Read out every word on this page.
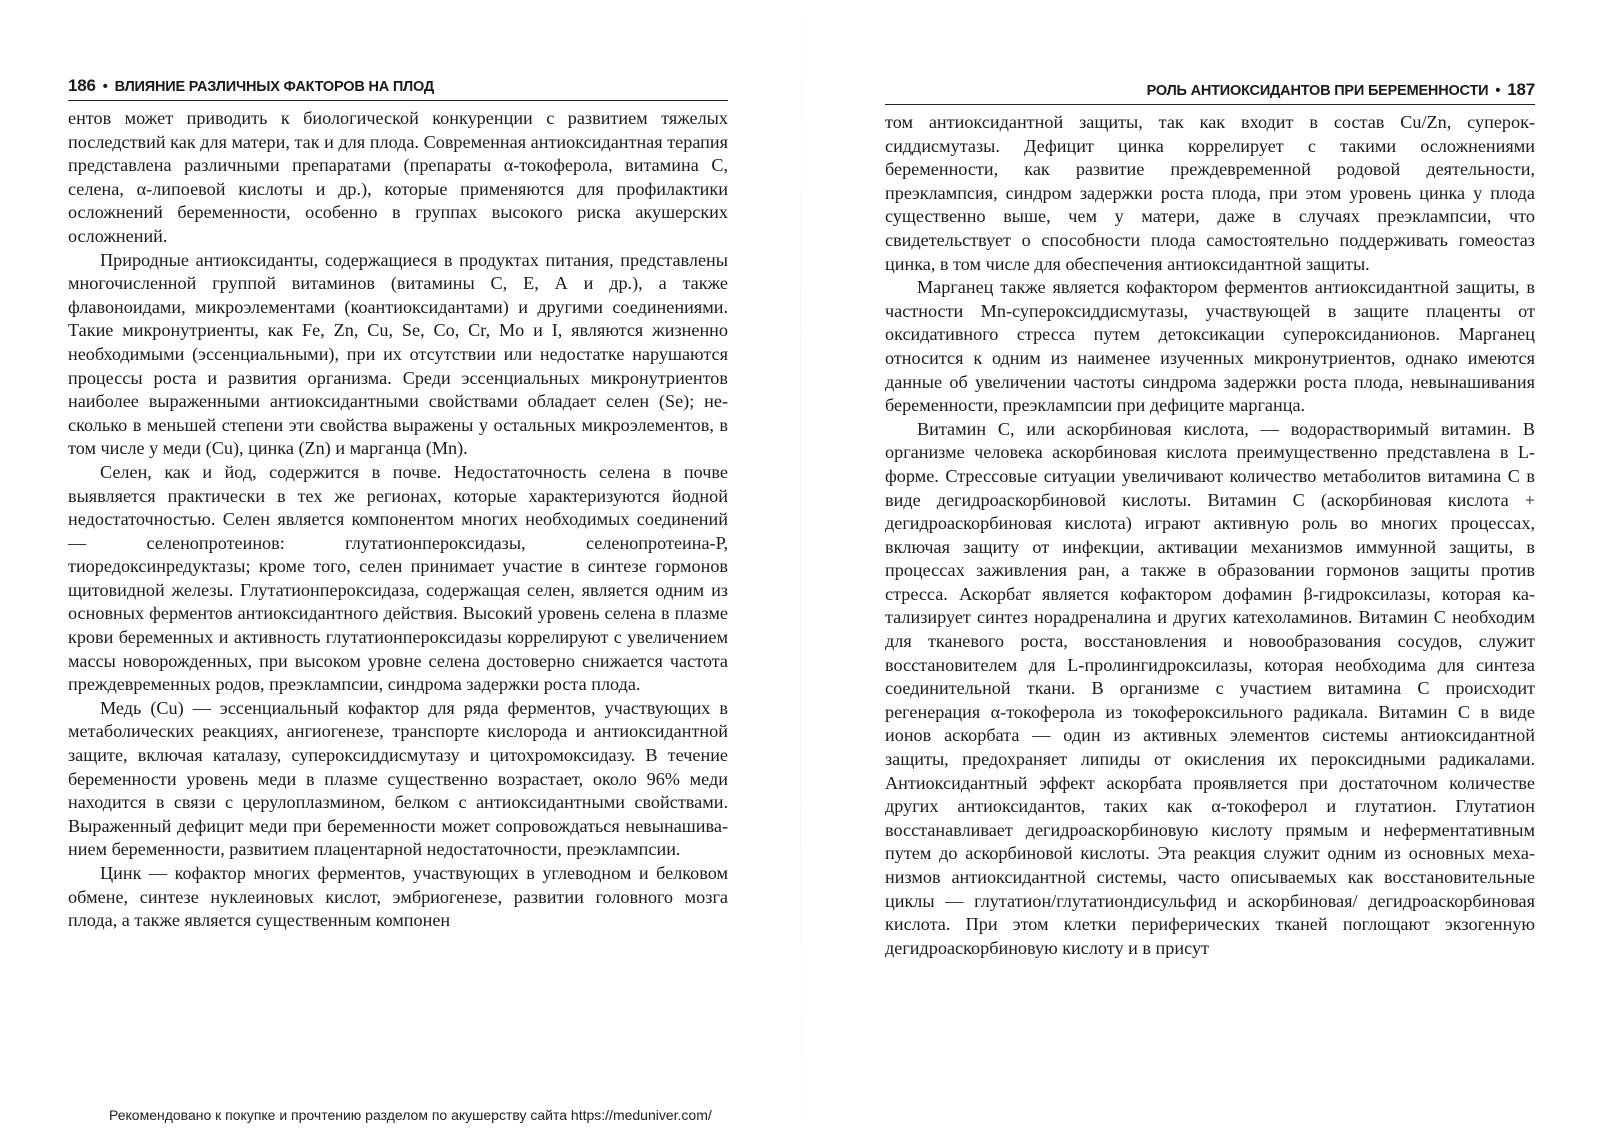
186 • ВЛИЯНИЕ РАЗЛИЧНЫХ ФАКТОРОВ НА ПЛОД

ентов может приводить к биологической конкуренции с развитием тяжелых последствий как для матери, так и для плода. Современная антиоксидантная терапия представлена различными препаратами (препараты α-токоферола, витамина С, селена, α-липоевой кислоты и др.), которые применяются для профилактики осложнений беременности, особенно в группах высокого риска акушерских осложнений.

Природные антиоксиданты, содержащиеся в продуктах питания, представлены многочисленной группой витаминов (витамины С, Е, А и др.), а также флавоноидами, микроэлементами (коантиоксидантами) и другими соединениями. Такие микронутриенты, как Fe, Zn, Cu, Se, Co, Cr, Mo и I, являются жизненно необходимыми (эссенциальными), при их отсутствии или недостатке нарушаются процессы роста и развития организма. Среди эссенциальных микронутриентов наиболее выраженными антиоксидантными свойствами обладает селен (Se); несколько в меньшей степени эти свойства выражены у остальных микроэлементов, в том числе у меди (Cu), цинка (Zn) и марганца (Mn).

Селен, как и йод, содержится в почве. Недостаточность селена в почве выявляется практически в тех же регионах, которые характеризуются йодной недостаточностью. Селен является компонентом многих необходимых соединений — селенопротеинов: глутатионпероксидазы, селенопротеина-Р, тиоредоксинредуктазы; кроме того, селен принимает участие в синтезе гормонов щитовидной железы. Глутатионпероксидаза, содержащая селен, является одним из основных ферментов антиоксидантного действия. Высокий уровень селена в плазме крови беременных и активность глутатионпероксидазы коррелируют с увеличением массы новорожденных, при высоком уровне селена достоверно снижается частота преждевременных родов, преэклампсии, синдрома задержки роста плода.

Медь (Cu) — эссенциальный кофактор для ряда ферментов, участвующих в метаболических реакциях, ангиогенезе, транспорте кислорода и антиоксидантной защите, включая каталазу, супероксиддисмутазу и цитохромоксидазу. В течение беременности уровень меди в плазме существенно возрастает, около 96% меди находится в связи с церулоплазмином, белком с антиоксидантными свойствами. Выраженный дефицит меди при беременности может сопровождаться невынашиванием беременности, развитием плацентарной недостаточности, преэклампсии.

Цинк — кофактор многих ферментов, участвующих в углеводном и белковом обмене, синтезе нуклеиновых кислот, эмбриогенезе, развитии головного мозга плода, а также является существенным компонен

РОЛЬ АНТИОКСИДАНТОВ ПРИ БЕРЕМЕННОСТИ • 187

том антиоксидантной защиты, так как входит в состав Cu/Zn, супероксиддисмутазы. Дефицит цинка коррелирует с такими осложнениями беременности, как развитие преждевременной родовой деятельности, преэклампсия, синдром задержки роста плода, при этом уровень цинка у плода существенно выше, чем у матери, даже в случаях преэклампсии, что свидетельствует о способности плода самостоятельно поддерживать гомеостаз цинка, в том числе для обеспечения антиоксидантной защиты.

Марганец также является кофактором ферментов антиоксидантной защиты, в частности Mn-супероксиддисмутазы, участвующей в защите плаценты от оксидативного стресса путем детоксикации супероксиданионов. Марганец относится к одним из наименее изученных микронутриентов, однако имеются данные об увеличении частоты синдрома задержки роста плода, невынашивания беременности, преэклампсии при дефиците марганца.

Витамин С, или аскорбиновая кислота, — водорастворимый витамин. В организме человека аскорбиновая кислота преимущественно представлена в L-форме. Стрессовые ситуации увеличивают количество метаболитов витамина С в виде дегидроаскорбиновой кислоты. Витамин С (аскорбиновая кислота + дегидроаскорбиновая кислота) играют активную роль во многих процессах, включая защиту от инфекции, активации механизмов иммунной защиты, в процессах заживления ран, а также в образовании гормонов защиты против стресса. Аскорбат является кофактором дофамин β-гидроксилазы, которая катализирует синтез норадреналина и других катехоламинов. Витамин С необходим для тканевого роста, восстановления и новообразования сосудов, служит восстановителем для L-пролингидроксилазы, которая необходима для синтеза соединительной ткани. В организме с участием витамина С происходит регенерация α-токоферола из токофероксильного радикала. Витамин С в виде ионов аскорбата — один из активных элементов системы антиоксидантной защиты, предохраняет липиды от окисления их пероксидными радикалами. Антиоксидантный эффект аскорбата проявляется при достаточном количестве других антиоксидантов, таких как α-токоферол и глутатион. Глутатион восстанавливает дегидроаскорбиновую кислоту прямым и неферментативным путем до аскорбиновой кислоты. Эта реакция служит одним из основных механизмов антиоксидантной системы, часто описываемых как восстановительные циклы — глутатион/глутатиондисульфид и аскорбиновая/ дегидроаскорбиновая кислота. При этом клетки периферических тканей поглощают экзогенную дегидроаскорбиновую кислоту и в присут

Рекомендовано к покупке и прочтению разделом по акушерству сайта https://meduniver.com/
